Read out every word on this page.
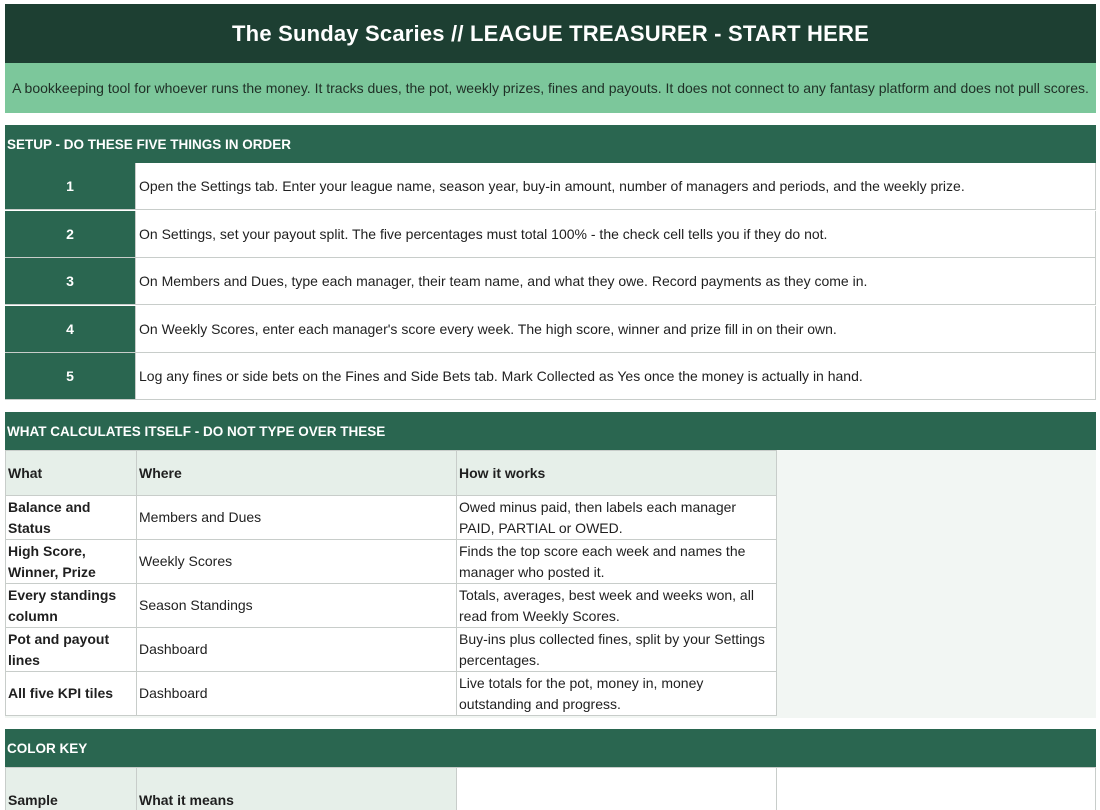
The Sunday Scaries // LEAGUE TREASURER - START HERE
A bookkeeping tool for whoever runs the money. It tracks dues, the pot, weekly prizes, fines and payouts. It does not connect to any fantasy platform and does not pull scores.
SETUP - DO THESE FIVE THINGS IN ORDER
1	Open the Settings tab. Enter your league name, season year, buy-in amount, number of managers and periods, and the weekly prize.
2	On Settings, set your payout split. The five percentages must total 100% - the check cell tells you if they do not.
3	On Members and Dues, type each manager, their team name, and what they owe. Record payments as they come in.
4	On Weekly Scores, enter each manager's score every week. The high score, winner and prize fill in on their own.
5	Log any fines or side bets on the Fines and Side Bets tab. Mark Collected as Yes once the money is actually in hand.
WHAT CALCULATES ITSELF - DO NOT TYPE OVER THESE
What	Where	How it works
Balance and Status	Members and Dues	Owed minus paid, then labels each manager PAID, PARTIAL or OWED.
High Score, Winner, Prize	Weekly Scores	Finds the top score each week and names the manager who posted it.
Every standings column	Season Standings	Totals, averages, best week and weeks won, all read from Weekly Scores.
Pot and payout lines	Dashboard	Buy-ins plus collected fines, split by your Settings percentages.
All five KPI tiles	Dashboard	Live totals for the pot, money in, money outstanding and progress.
COLOR KEY
Sample	What it means
